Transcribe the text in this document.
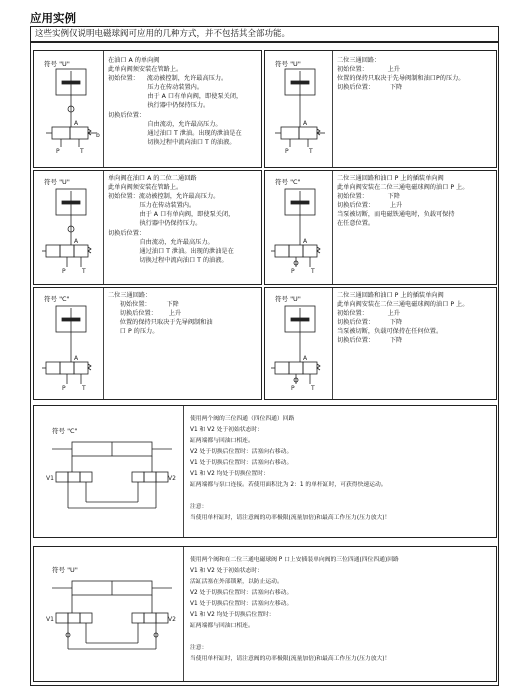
应用实例
这些实例仅说明电磁球阀可应用的几种方式，并不包括其全部功能。
符号 "U"
A
P	T
b
在油口 A 的单向阀
此单向阀须安装在管路上。
初始位置：    流动被控制，允许最高压力。
压力在传动装置内。
由于 A 口有单向阀，即使泵关闭，
执行器中仍保持压力。
切换后位置：
自由流动，允许最高压力。
通过油口 T 泄油。出现的泄油是在
切换过程中流向油口 T 的油液。
符号 "U"
A
P	T
二位三通回路：
初始位置：          上升
位置的保持只取决于先导阀制和油口P的压力。
切换后位置：        下降
符号 "U"
A
P	T
单向阀在油口 A 的二位二通回路
此单向阀须安装在管路上。
初始位置：流动被控制，允许最高压力。
压力在传动装置内。
由于 A 口有单向阀，即使泵关闭，
执行器中仍保持压力。
切换后位置：
自由流动，允许最高压力。
通过油口 T 泄油。出现的泄油是在
切换过程中流向油口 T 的油液。
符号 "C"
A
P	T
二位三通回路和油口 P 上的插装单向阀
此单向阀安装在二位三通电磁球阀的油口 P 上。
初始位置：          下降
切换后位置：        上升
当泵被切断，而电磁铁通电时，负载可保持
在任意位置。
符号 "C"
A
P	T
二位三通回路：
初始位置：        下降
切换后位置：      上升
位置的保持只取决于先导阀制和油
口 P 的压力。
符号 "U"
A
P	T
二位三通回路和油口 P 上的插装单向阀
此单向阀安装在二位三通电磁球阀的油口 P 上。
初始位置：          上升
切换后位置：        下降
当泵被切断，负载可保持在任何位置。
切换后位置：        下降
符号 "C"
V1	V2
使用两个阀的三位四通（四位四通）回路
V1 和 V2 处于初始状态时：
缸两端都与回油口相连。
V2 处于切换后位置时：活塞向右移动。
V1 处于切换后位置时：活塞向右移动。
V1 和 V2 均处于切换位置时：
缸两端都与泵口连接。若使用面积比为 2：1 的单杆缸时，可获得快速运动。

注意：
当使用单杆缸时，请注意阀的功率极限(流量加倍)和最高工作压力(压力放大)！
符号 "U"
V1	V2
使用两个阀和在二位三通电磁球阀 P 口上安插装单向阀的三位四通(四位四通)回路
V1 和 V2 处于初始状态时：
活缸活塞在外部锁紧，以防止运动。
V2 处于切换后位置时：活塞向右移动。
V1 处于切换后位置时：活塞向左移动。
V1 和 V2 均处于切换后位置时：
缸两端都与回油口相连。

注意：
当使用单杆缸时，请注意阀的功率极限(流量加倍)和最高工作压力(压力放大)！
